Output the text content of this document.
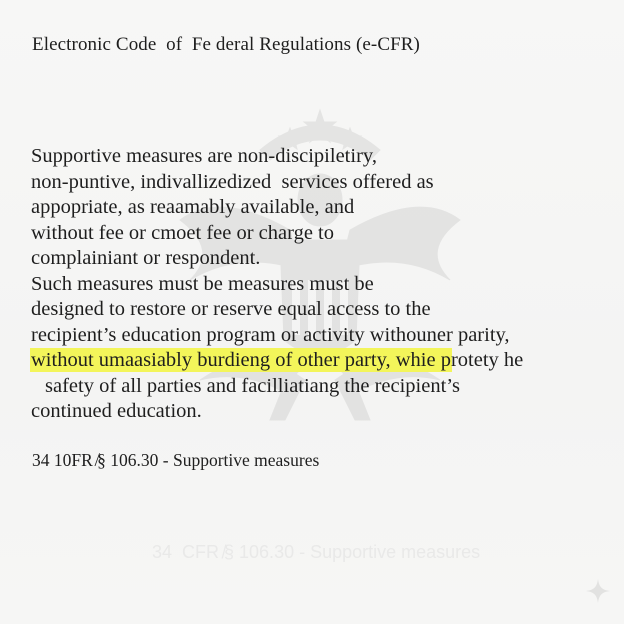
Electronic Code  of  Fe deral Regulations (e-CFR)
Supportive measures are non-discipiletiry,
non-puntive, indivallizedized  services offered as
appopriate, as reaamably available, and
without fee or cmoet fee or charge to
complainiant or respondent.
Such measures must be measures must be
designed to restore or reserve equal access to the
recipient’s education program or activity withouner parity,
without umaasiably burdieng of other party, whie protety he
safety of all parties and facilliatiang the recipient’s
continued education.
34 10FR ̸§ 106.30 - Supportive measures
34  CFR ̸§ 106.30 - Supportive measures
